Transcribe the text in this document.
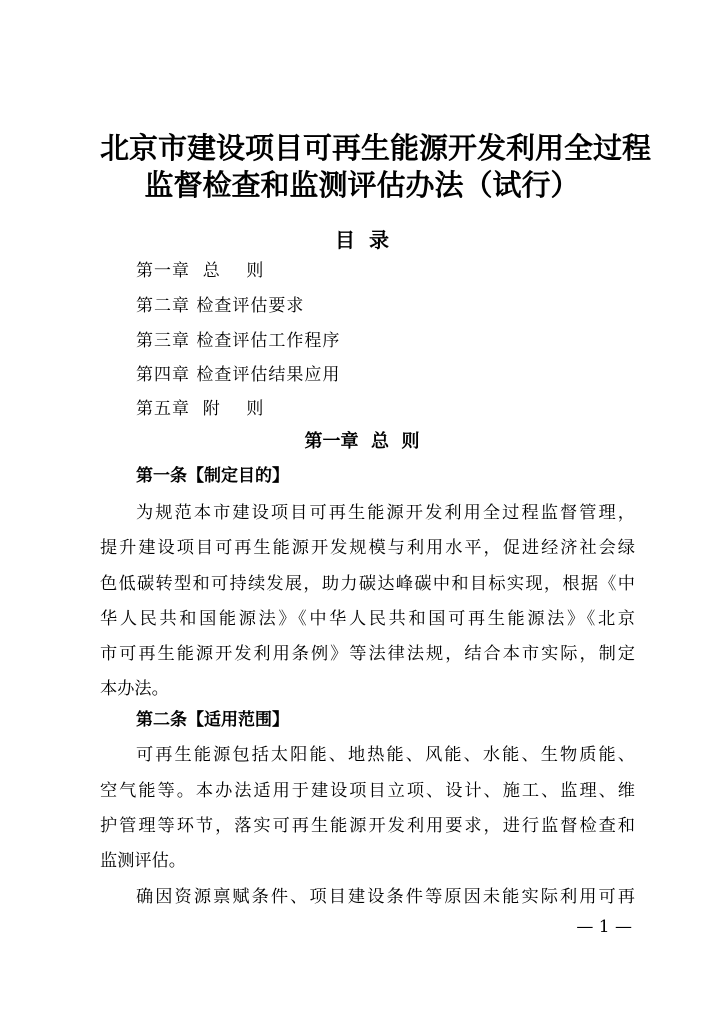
北京市建设项目可再生能源开发利用全过程
监督检查和监测评估办法（试行）
目  录
第一章  总    则
第二章 检查评估要求
第三章 检查评估工作程序
第四章 检查评估结果应用
第五章  附    则
第一章  总  则
第一条【制定目的】
为规范本市建设项目可再生能源开发利用全过程监督管理，
提升建设项目可再生能源开发规模与利用水平，促进经济社会绿
色低碳转型和可持续发展，助力碳达峰碳中和目标实现，根据《中
华人民共和国能源法》《中华人民共和国可再生能源法》《北京
市可再生能源开发利用条例》等法律法规，结合本市实际，制定
本办法。
第二条【适用范围】
可再生能源包括太阳能、地热能、风能、水能、生物质能、
空气能等。本办法适用于建设项目立项、设计、施工、监理、维
护管理等环节，落实可再生能源开发利用要求，进行监督检查和
监测评估。
确因资源禀赋条件、项目建设条件等原因未能实际利用可再
— 1 —
